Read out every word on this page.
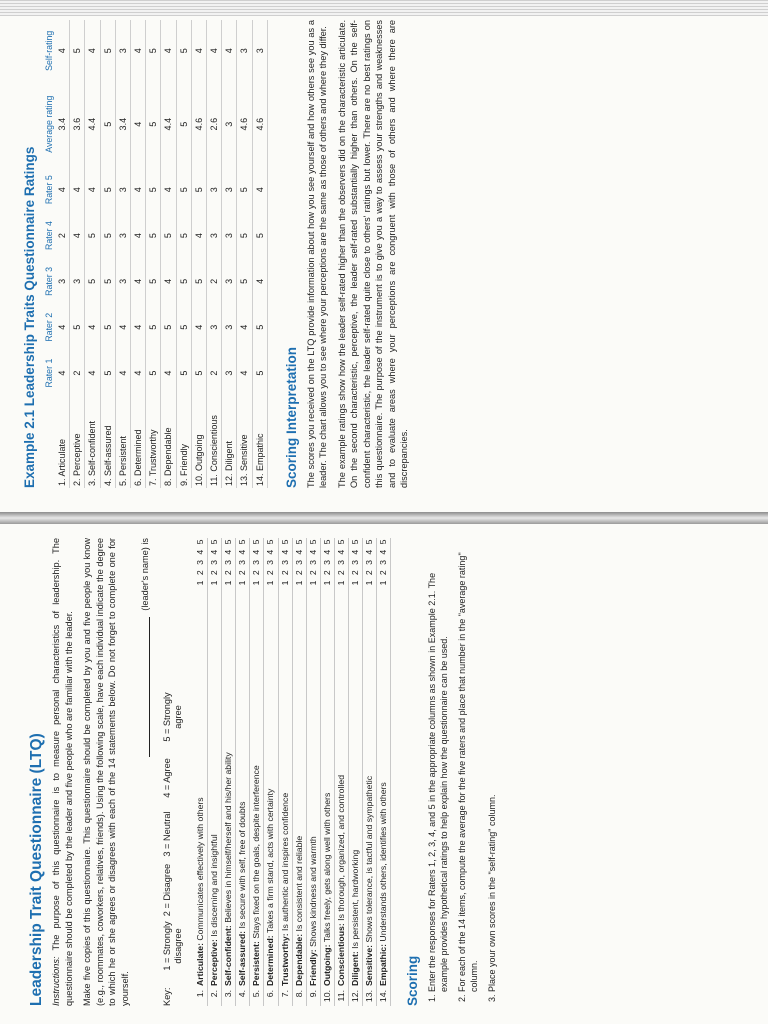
Leadership Trait Questionnaire (LTQ) Instructions: The purpose of this questionnaire is to measure personal characteristics of leadership. The questionnaire should be completed by the leader and five people who are familiar with the leader. Make five copies of this questionnaire. This questionnaire should be completed by you and five people you know (e.g., roommates, coworkers, relatives, friends). Using the following scale, have each individual indicate the degree to which he or she agrees or disagrees with each of the 14 statements below. Do not forget to complete one for yourself.

(leader's name) is
Key:
1 = Strongly disagree
2 = Disagree
3 = Neutral
4 = Agree
5 = Strongly agree
1.
Articulate: Communicates effectively with others
1 2 3 4 5
2.
Perceptive: Is discerning and insightful
1 2 3 4 5
3.
Self-confident: Believes in himself/herself and his/her ability
1 2 3 4 5
4.
Self-assured: Is secure with self, free of doubts
1 2 3 4 5
5.
Persistent: Stays fixed on the goals, despite interference
1 2 3 4 5
6.
Determined: Takes a firm stand, acts with certainty
1 2 3 4 5
7.
Trustworthy: Is authentic and inspires confidence
1 2 3 4 5
8.
Dependable: Is consistent and reliable
1 2 3 4 5
9.
Friendly: Shows kindness and warmth
1 2 3 4 5
10.
Outgoing: Talks freely, gets along well with others
1 2 3 4 5
11.
Conscientious: Is thorough, organized, and controlled
1 2 3 4 5
12.
Diligent: Is persistent, hardworking
1 2 3 4 5
13.
Sensitive: Shows tolerance, is tactful and sympathetic
1 2 3 4 5
14.
Empathic: Understands others, identifies with others
1 2 3 4 5
Scoring 1. Enter the responses for Raters 1, 2, 3, 4, and 5 in the appropriate columns as shown in Example 2.1. The example provides hypothetical ratings to help explain how the questionnaire can be used. 2. For each of the 14 items, compute the average for the five raters and place that number in the "average rating" column. 3. Place your own scores in the "self-rating" column.
Example 2.1 Leadership Traits Questionnaire Ratings
	Rater 1	Rater 2	Rater 3	Rater 4	Rater 5	Average rating	Self-rating
1. Articulate	4	4	3	2	4	3.4	4
2. Perceptive	2	5	3	4	4	3.6	5
3. Self-confident	4	4	5	5	4	4.4	4
4. Self-assured	5	5	5	5	5	5	5
5. Persistent	4	4	3	3	3	3.4	3
6. Determined	4	4	4	4	4	4	4
7. Trustworthy	5	5	5	5	5	5	5
8. Dependable	4	5	4	5	4	4.4	4
9. Friendly	5	5	5	5	5	5	5
10. Outgoing	5	4	5	4	5	4.6	4
11. Conscientious	2	3	2	3	3	2.6	4
12. Diligent	3	3	3	3	3	3	4
13. Sensitive	4	4	5	5	5	4.6	3
14. Empathic	5	5	4	5	4	4.6	3
Scoring Interpretation The scores you received on the LTQ provide information about how you see yourself and how others see you as a leader. The chart allows you to see where your perceptions are the same as those of others and where they differ. The example ratings show how the leader self-rated higher than the observers did on the characteristic articulate. On the second characteristic, perceptive, the leader self-rated substantially higher than others. On the self-confident characteristic, the leader self-rated quite close to others' ratings but lower. There are no best ratings on this questionnaire. The purpose of the instrument is to give you a way to assess your strengths and weaknesses and to evaluate areas where your perceptions are congruent with those of others and where there are discrepancies.
